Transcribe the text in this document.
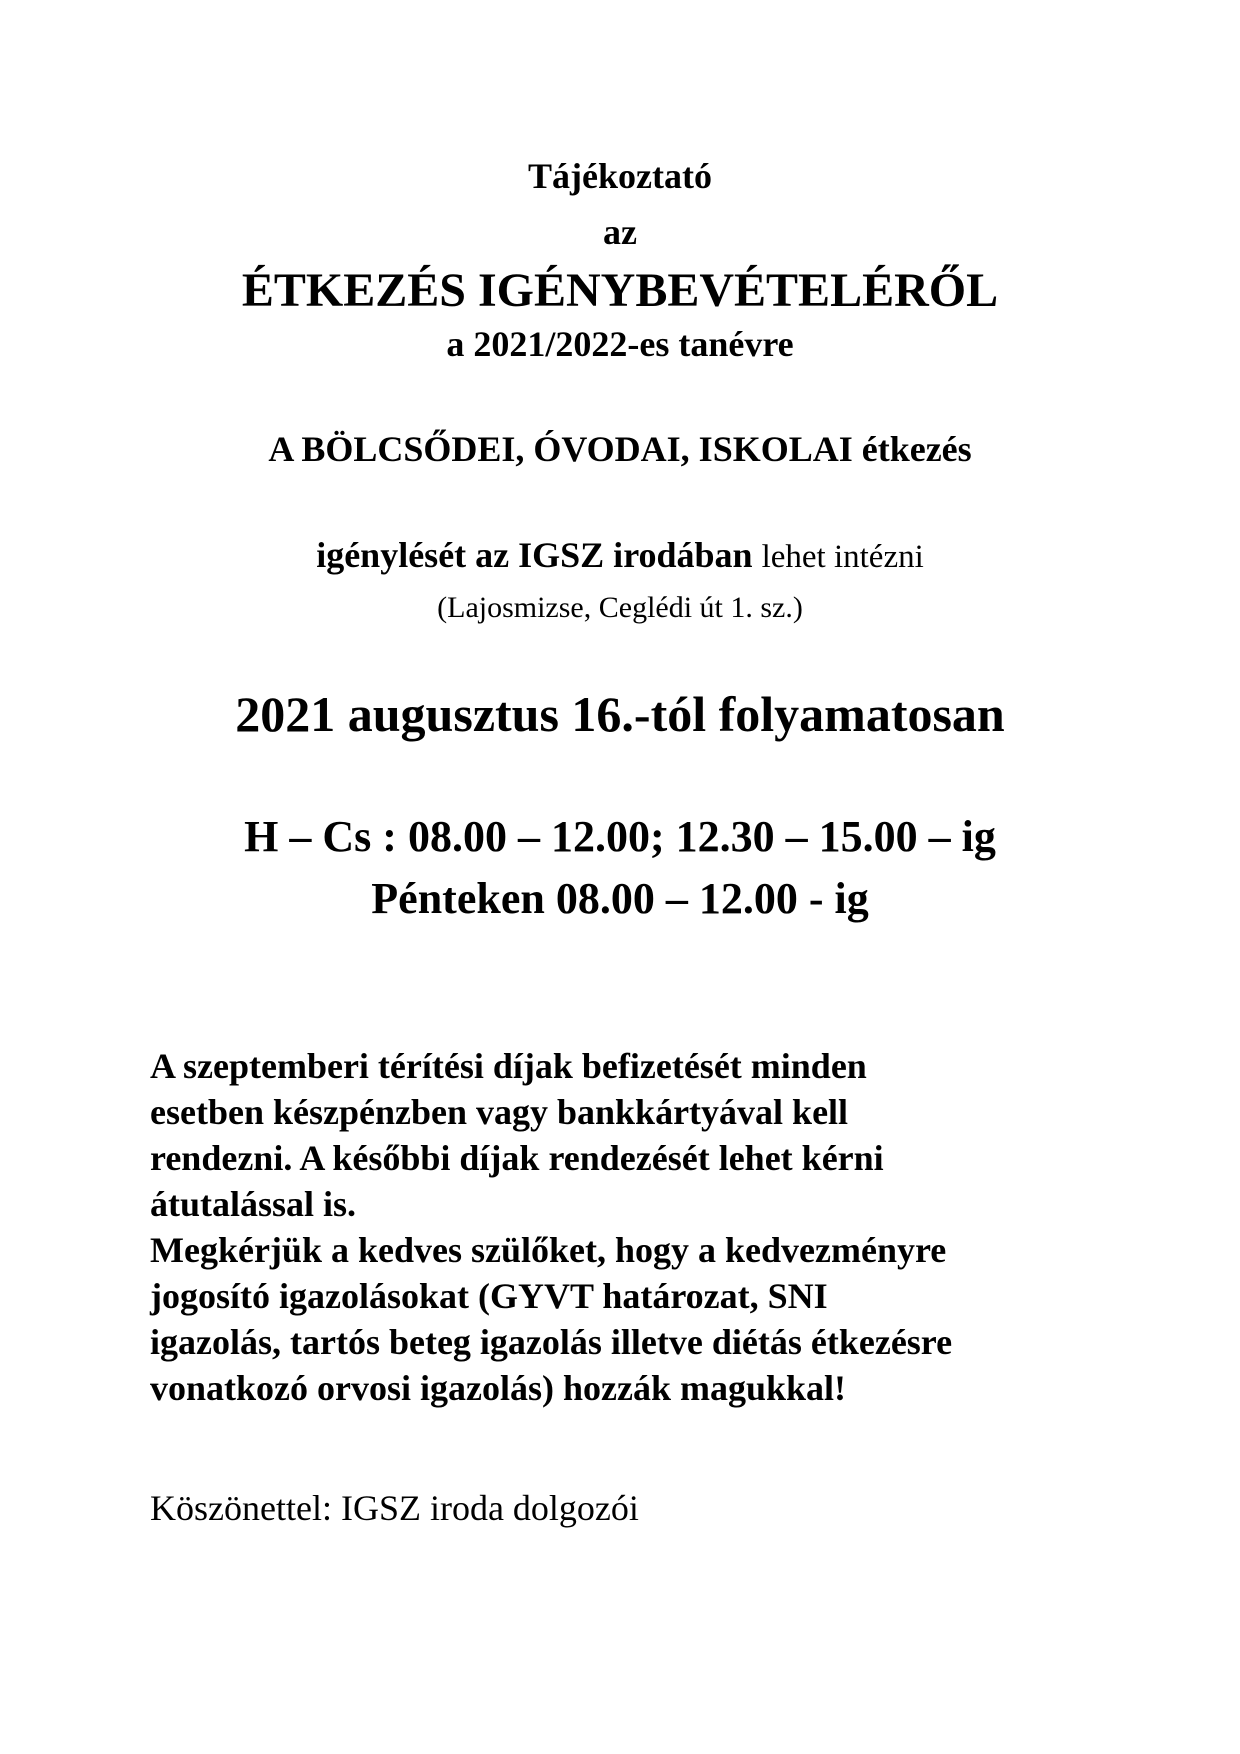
Tájékoztató
az
ÉTKEZÉS IGÉNYBEVÉTELÉRŐL
a 2021/2022-es tanévre
A BÖLCSŐDEI, ÓVODAI, ISKOLAI étkezés
igénylését az IGSZ irodában lehet intézni
(Lajosmizse, Ceglédi út 1. sz.)
2021 augusztus 16.-tól folyamatosan
H – Cs : 08.00 – 12.00; 12.30 – 15.00 – ig
Pénteken 08.00 – 12.00 - ig
A szeptemberi térítési díjak befizetését minden
esetben készpénzben vagy bankkártyával kell
rendezni. A későbbi díjak rendezését lehet kérni
átutalással is.
Megkérjük a kedves szülőket, hogy a kedvezményre
jogosító igazolásokat (GYVT határozat, SNI
igazolás, tartós beteg igazolás illetve diétás étkezésre
vonatkozó orvosi igazolás) hozzák magukkal!
Köszönettel: IGSZ iroda dolgozói
